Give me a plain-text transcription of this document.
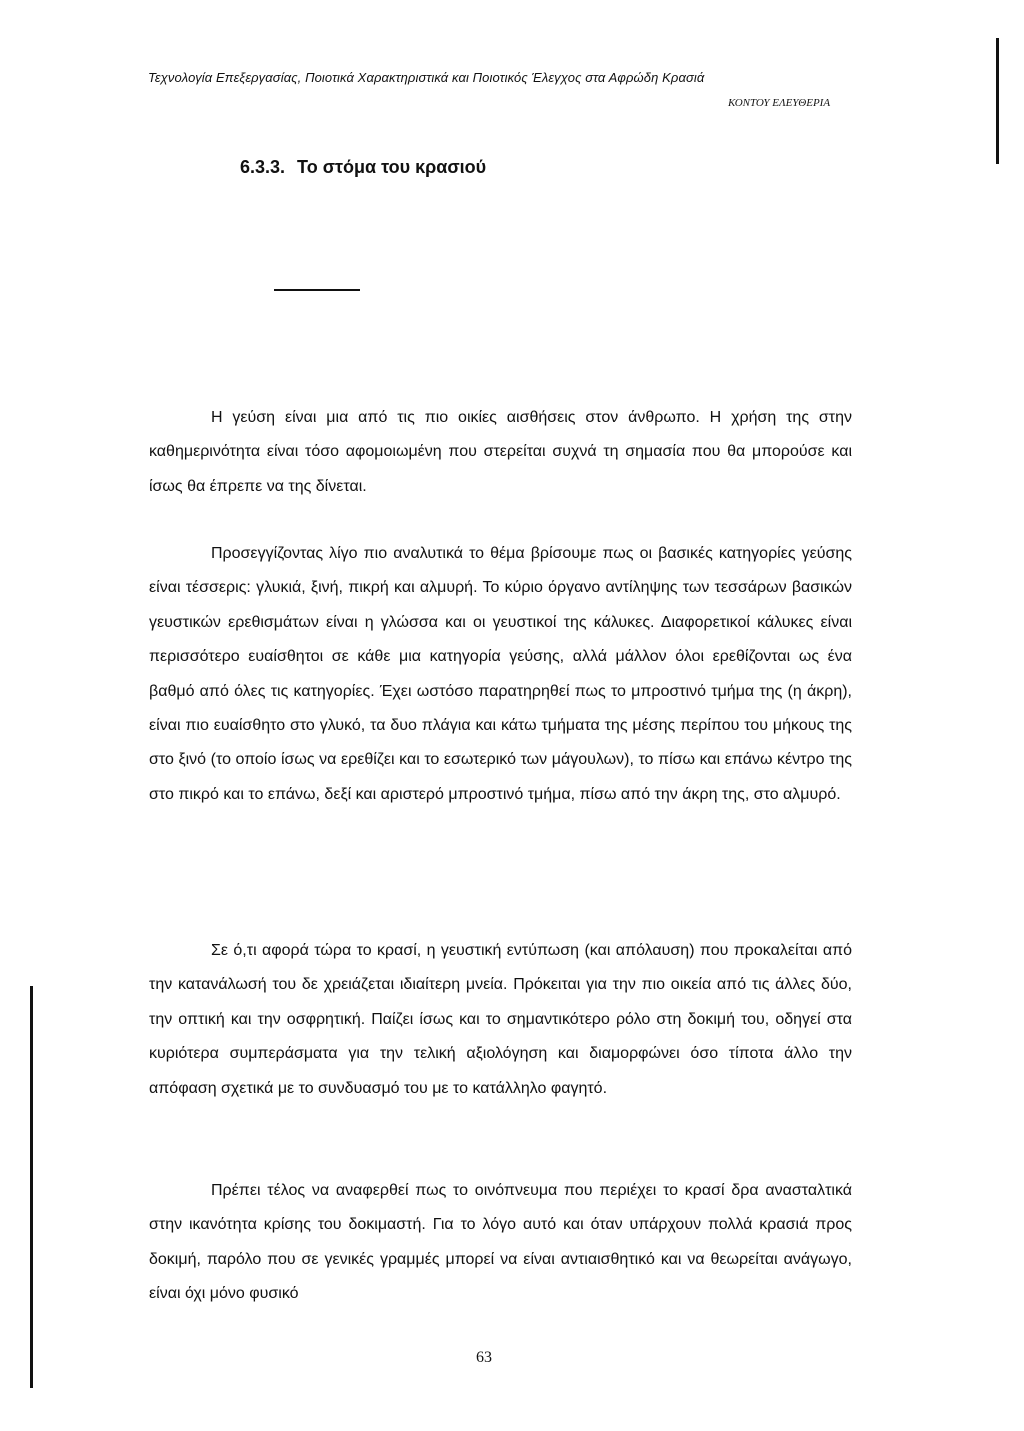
Τεχνολογία Επεξεργασίας, Ποιοτικά Χαρακτηριστικά και Ποιοτικός Έλεγχος στα Αφρώδη Κρασιά
ΚΟΝΤΟΥ ΕΛΕΥΘΕΡΙΑ
6.3.3. Το στόμα του κρασιού

Η γεύση είναι μια από τις πιο οικίες αισθήσεις στον άνθρωπο. Η χρήση της στην καθημερινότητα είναι τόσο αφομοιωμένη που στερείται συχνά τη σημασία που θα μπορούσε και ίσως θα έπρεπε να της δίνεται.

Προσεγγίζοντας λίγο πιο αναλυτικά το θέμα βρίσουμε πως οι βασικές κατηγορίες γεύσης είναι τέσσερις: γλυκιά, ξινή, πικρή και αλμυρή. Το κύριο όργανο αντίληψης των τεσσάρων βασικών γευστικών ερεθισμάτων είναι η γλώσσα και οι γευστικοί της κάλυκες. Διαφορετικοί κάλυκες είναι περισσότερο ευαίσθητοι σε κάθε μια κατηγορία γεύσης, αλλά μάλλον όλοι ερεθίζονται ως ένα βαθμό από όλες τις κατηγορίες. Έχει ωστόσο παρατηρηθεί πως το μπροστινό τμήμα της (η άκρη), είναι πιο ευαίσθητο στο γλυκό, τα δυο πλάγια και κάτω τμήματα της μέσης περίπου του μήκους της στο ξινό (το οποίο ίσως να ερεθίζει και το εσωτερικό των μάγουλων), το πίσω και επάνω κέντρο της στο πικρό και το επάνω, δεξί και αριστερό μπροστινό τμήμα, πίσω από την άκρη της, στο αλμυρό.

Σε ό,τι αφορά τώρα το κρασί, η γευστική εντύπωση (και απόλαυση) που προκαλείται από την κατανάλωσή του δε χρειάζεται ιδιαίτερη μνεία. Πρόκειται για την πιο οικεία από τις άλλες δύο, την οπτική και την οσφρητική. Παίζει ίσως και το σημαντικότερο ρόλο στη δοκιμή του, οδηγεί στα κυριότερα συμπεράσματα για την τελική αξιολόγηση και διαμορφώνει όσο τίποτα άλλο την απόφαση σχετικά με το συνδυασμό του με το κατάλληλο φαγητό.

Πρέπει τέλος να αναφερθεί πως το οινόπνευμα που περιέχει το κρασί δρα ανασταλτικά στην ικανότητα κρίσης του δοκιμαστή. Για το λόγο αυτό και όταν υπάρχουν πολλά κρασιά προς δοκιμή, παρόλο που σε γενικές γραμμές μπορεί να είναι αντιαισθητικό και να θεωρείται ανάγωγο, είναι όχι μόνο φυσικό

63
